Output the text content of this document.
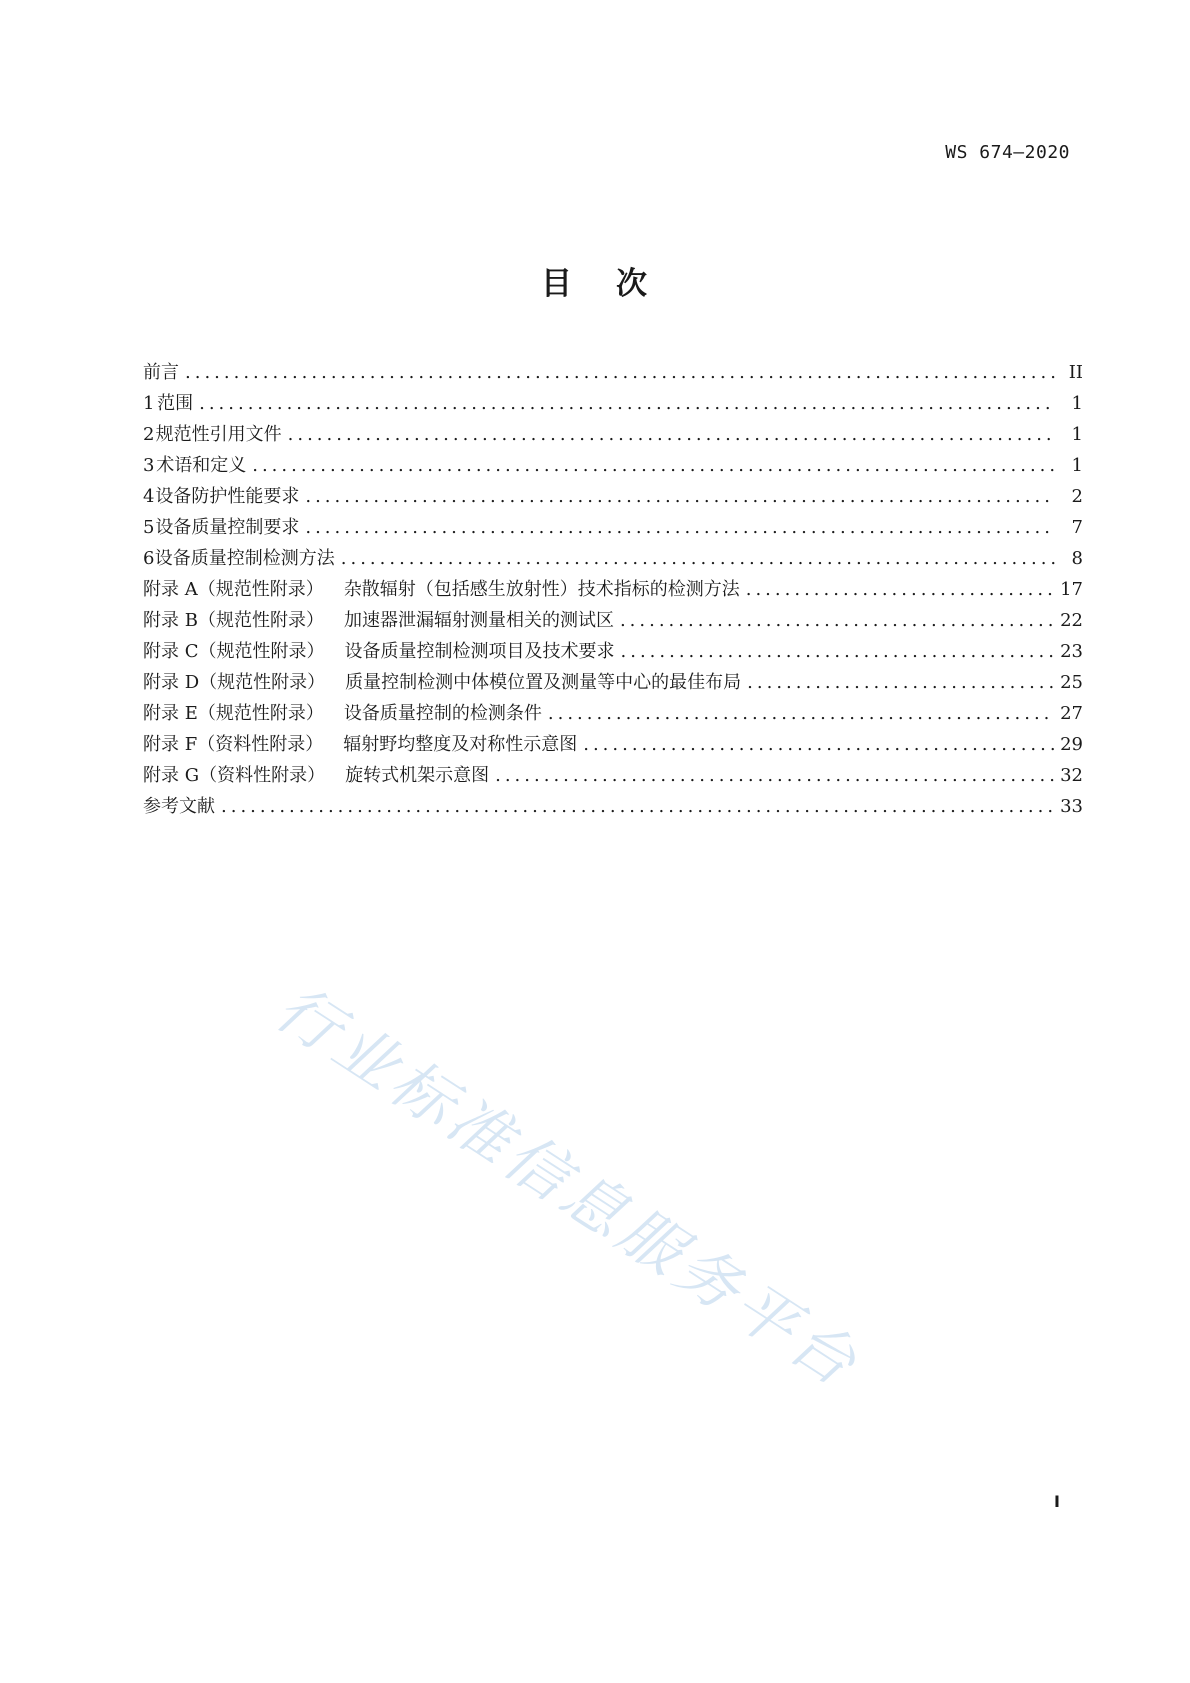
WS 674—2020
目 次
前言 .....	II
1 范围 .....	1
2 规范性引用文件 .....	1
3 术语和定义 .....	1
4 设备防护性能要求 .....	2
5 设备质量控制要求 .....	7
6 设备质量控制检测方法 .....	8
附录 A（规范性附录） 杂散辐射（包括感生放射性）技术指标的检测方法 .....	17
附录 B（规范性附录） 加速器泄漏辐射测量相关的测试区 .....	22
附录 C（规范性附录） 设备质量控制检测项目及技术要求 .....	23
附录 D（规范性附录） 质量控制检测中体模位置及测量等中心的最佳布局 .....	25
附录 E（规范性附录） 设备质量控制的检测条件 .....	27
附录 F（资料性附录） 辐射野均整度及对称性示意图 .....	29
附录 G（资料性附录） 旋转式机架示意图 .....	32
参考文献 .....	33
行业标准信息服务平台
I
